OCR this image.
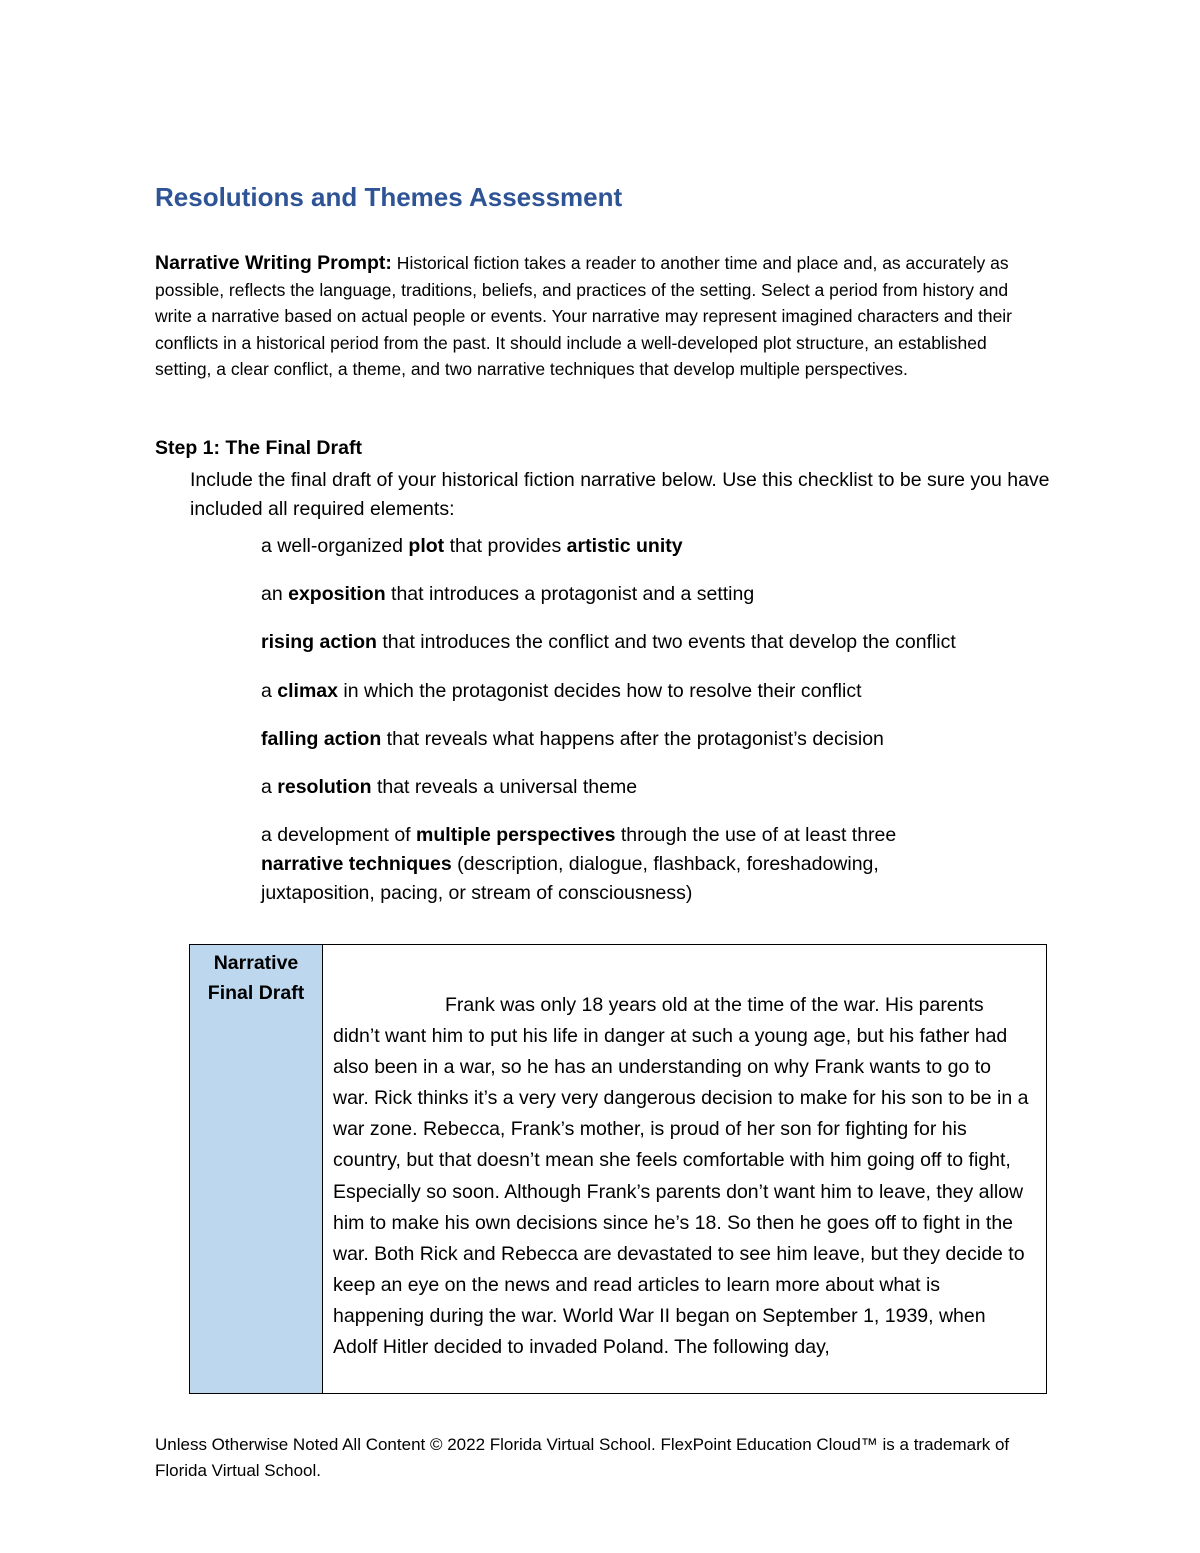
Resolutions and Themes Assessment

Narrative Writing Prompt: Historical fiction takes a reader to another time and place and, as accurately as possible, reflects the language, traditions, beliefs, and practices of the setting. Select a period from history and write a narrative based on actual people or events. Your narrative may represent imagined characters and their conflicts in a historical period from the past. It should include a well-developed plot structure, an established setting, a clear conflict, a theme, and two narrative techniques that develop multiple perspectives.

Step 1: The Final Draft

Include the final draft of your historical fiction narrative below. Use this checklist to be sure you have included all required elements:

a well-organized plot that provides artistic unity
an exposition that introduces a protagonist and a setting
rising action that introduces the conflict and two events that develop the conflict
a climax in which the protagonist decides how to resolve their conflict
falling action that reveals what happens after the protagonist’s decision
a resolution that reveals a universal theme
a development of multiple perspectives through the use of at least three
narrative techniques (description, dialogue, flashback, foreshadowing, juxtaposition, pacing, or stream of consciousness)
Narrative Final Draft

Frank was only 18 years old at the time of the war. His parents didn’t want him to put his life in danger at such a young age, but his father had also been in a war, so he has an understanding on why Frank wants to go to war. Rick thinks it’s a very very dangerous decision to make for his son to be in a war zone. Rebecca, Frank’s mother, is proud of her son for fighting for his country, but that doesn’t mean she feels comfortable with him going off to fight, Especially so soon. Although Frank’s parents don’t want him to leave, they allow him to make his own decisions since he’s 18. So then he goes off to fight in the war. Both Rick and Rebecca are devastated to see him leave, but they decide to keep an eye on the news and read articles to learn more about what is happening during the war. World War II began on September 1, 1939, when Adolf Hitler decided to invaded Poland. The following day,

Unless Otherwise Noted All Content © 2022 Florida Virtual School. FlexPoint Education Cloud™ is a trademark of Florida Virtual School.
